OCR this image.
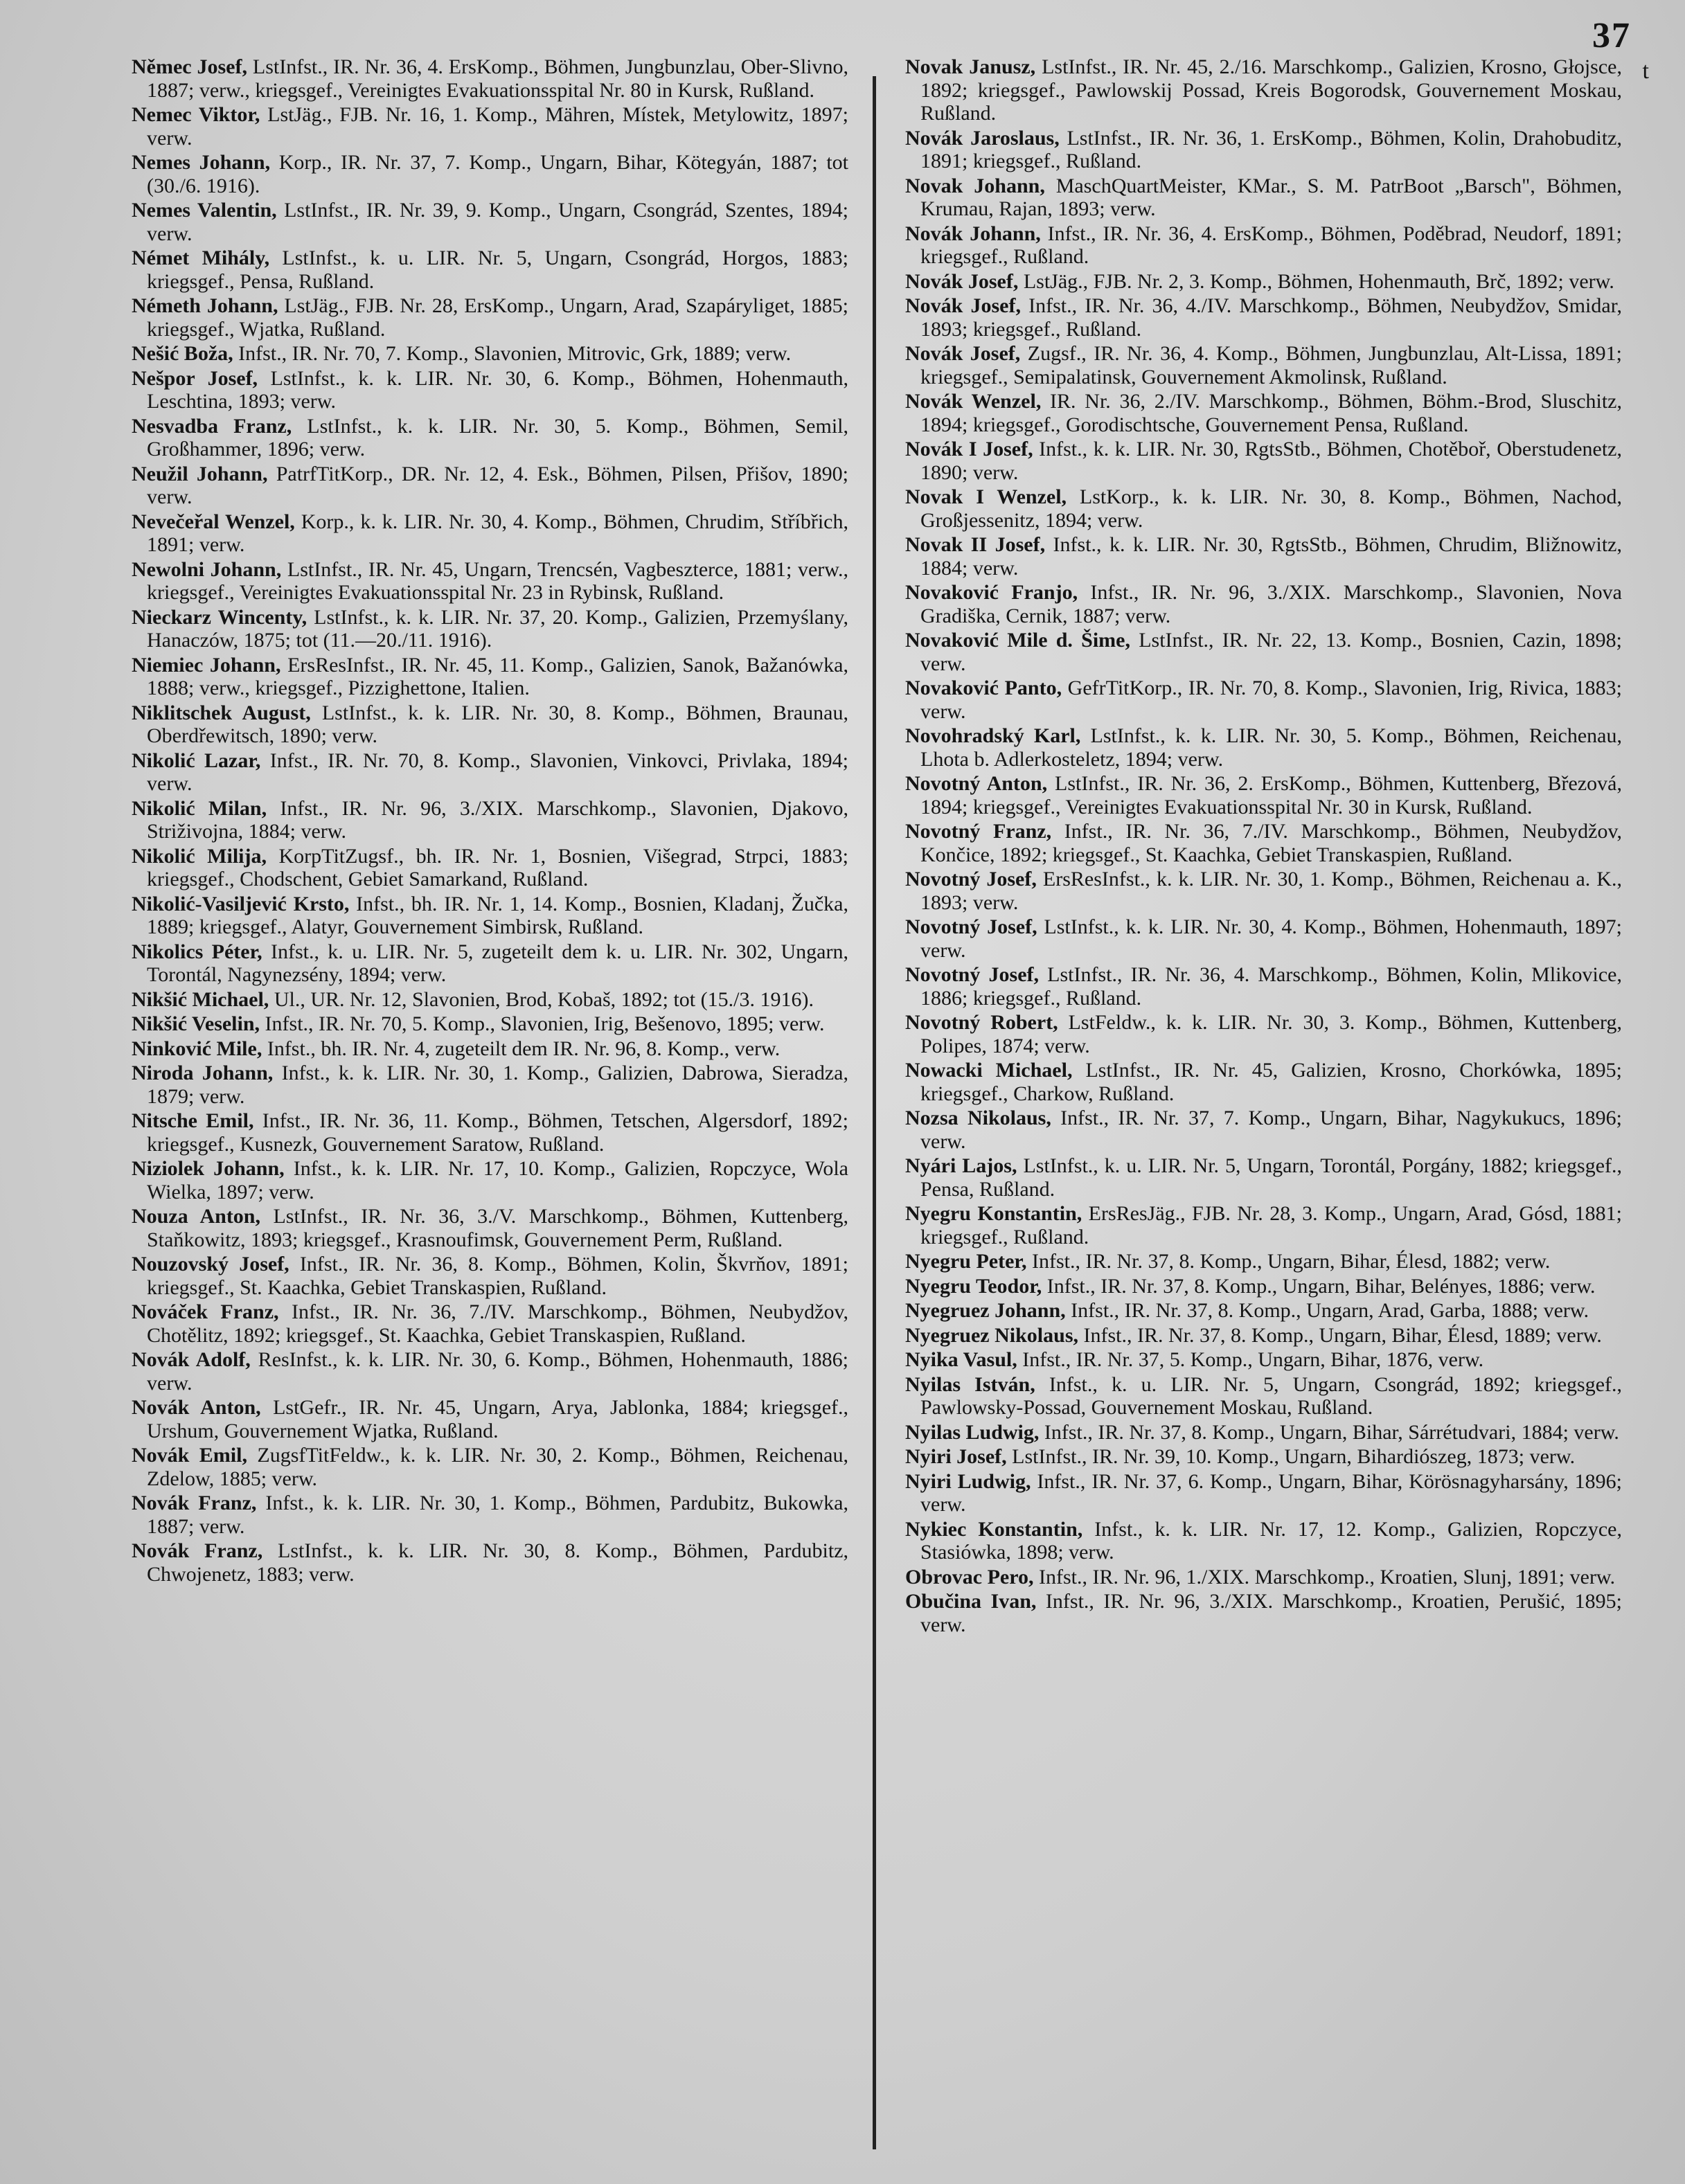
37
t

Němec Josef, LstInfst., IR. Nr. 36, 4. ErsKomp., Böhmen, Jungbunzlau, Ober-Slivno, 1887; verw., kriegsgef., Vereinigtes Evakuationsspital Nr. 80 in Kursk, Rußland.

Nemec Viktor, LstJäg., FJB. Nr. 16, 1. Komp., Mähren, Místek, Metylowitz, 1897; verw.

Nemes Johann, Korp., IR. Nr. 37, 7. Komp., Ungarn, Bihar, Kötegyán, 1887; tot (30./6. 1916).

Nemes Valentin, LstInfst., IR. Nr. 39, 9. Komp., Ungarn, Csongrád, Szentes, 1894; verw.

Német Mihály, LstInfst., k. u. LIR. Nr. 5, Ungarn, Csongrád, Horgos, 1883; kriegsgef., Pensa, Rußland.

Németh Johann, LstJäg., FJB. Nr. 28, ErsKomp., Ungarn, Arad, Szapáryliget, 1885; kriegsgef., Wjatka, Rußland.

Nešić Boža, Infst., IR. Nr. 70, 7. Komp., Slavonien, Mitrovic, Grk, 1889; verw.

Nešpor Josef, LstInfst., k. k. LIR. Nr. 30, 6. Komp., Böhmen, Hohenmauth, Leschtina, 1893; verw.

Nesvadba Franz, LstInfst., k. k. LIR. Nr. 30, 5. Komp., Böhmen, Semil, Großhammer, 1896; verw.

Neužil Johann, PatrfTitKorp., DR. Nr. 12, 4. Esk., Böhmen, Pilsen, Přišov, 1890; verw.

Nevečeřal Wenzel, Korp., k. k. LIR. Nr. 30, 4. Komp., Böhmen, Chrudim, Stříbřich, 1891; verw.

Newolni Johann, LstInfst., IR. Nr. 45, Ungarn, Trencsén, Vagbeszterce, 1881; verw., kriegsgef., Vereinigtes Evakuationsspital Nr. 23 in Rybinsk, Rußland.

Nieckarz Wincenty, LstInfst., k. k. LIR. Nr. 37, 20. Komp., Galizien, Przemyślany, Hanaczów, 1875; tot (11.—20./11. 1916).

Niemiec Johann, ErsResInfst., IR. Nr. 45, 11. Komp., Galizien, Sanok, Bažanówka, 1888; verw., kriegsgef., Pizzighettone, Italien.

Niklitschek August, LstInfst., k. k. LIR. Nr. 30, 8. Komp., Böhmen, Braunau, Oberdřewitsch, 1890; verw.

Nikolić Lazar, Infst., IR. Nr. 70, 8. Komp., Slavonien, Vinkovci, Privlaka, 1894; verw.

Nikolić Milan, Infst., IR. Nr. 96, 3./XIX. Marschkomp., Slavonien, Djakovo, Striživojna, 1884; verw.

Nikolić Milija, KorpTitZugsf., bh. IR. Nr. 1, Bosnien, Višegrad, Strpci, 1883; kriegsgef., Chodschent, Gebiet Samarkand, Rußland.

Nikolić-Vasiljević Krsto, Infst., bh. IR. Nr. 1, 14. Komp., Bosnien, Kladanj, Žučka, 1889; kriegsgef., Alatyr, Gouvernement Simbirsk, Rußland.

Nikolics Péter, Infst., k. u. LIR. Nr. 5, zugeteilt dem k. u. LIR. Nr. 302, Ungarn, Torontál, Nagynezsény, 1894; verw.

Nikšić Michael, Ul., UR. Nr. 12, Slavonien, Brod, Kobaš, 1892; tot (15./3. 1916).

Nikšić Veselin, Infst., IR. Nr. 70, 5. Komp., Slavonien, Irig, Bešenovo, 1895; verw.

Ninković Mile, Infst., bh. IR. Nr. 4, zugeteilt dem IR. Nr. 96, 8. Komp., verw.

Niroda Johann, Infst., k. k. LIR. Nr. 30, 1. Komp., Galizien, Dabrowa, Sieradza, 1879; verw.

Nitsche Emil, Infst., IR. Nr. 36, 11. Komp., Böhmen, Tetschen, Algersdorf, 1892; kriegsgef., Kusnezk, Gouvernement Saratow, Rußland.

Niziolek Johann, Infst., k. k. LIR. Nr. 17, 10. Komp., Galizien, Ropczyce, Wola Wielka, 1897; verw.

Nouza Anton, LstInfst., IR. Nr. 36, 3./V. Marschkomp., Böhmen, Kuttenberg, Staňkowitz, 1893; kriegsgef., Krasnoufimsk, Gouvernement Perm, Rußland.

Nouzovský Josef, Infst., IR. Nr. 36, 8. Komp., Böhmen, Kolin, Škvrňov, 1891; kriegsgef., St. Kaachka, Gebiet Transkaspien, Rußland.

Nováček Franz, Infst., IR. Nr. 36, 7./IV. Marschkomp., Böhmen, Neubydžov, Chotělitz, 1892; kriegsgef., St. Kaachka, Gebiet Transkaspien, Rußland.

Novák Adolf, ResInfst., k. k. LIR. Nr. 30, 6. Komp., Böhmen, Hohenmauth, 1886; verw.

Novák Anton, LstGefr., IR. Nr. 45, Ungarn, Arya, Jablonka, 1884; kriegsgef., Urshum, Gouvernement Wjatka, Rußland.

Novák Emil, ZugsfTitFeldw., k. k. LIR. Nr. 30, 2. Komp., Böhmen, Reichenau, Zdelow, 1885; verw.

Novák Franz, Infst., k. k. LIR. Nr. 30, 1. Komp., Böhmen, Pardubitz, Bukowka, 1887; verw.

Novák Franz, LstInfst., k. k. LIR. Nr. 30, 8. Komp., Böhmen, Pardubitz, Chwojenetz, 1883; verw.

Novak Janusz, LstInfst., IR. Nr. 45, 2./16. Marschkomp., Galizien, Krosno, Głojsce, 1892; kriegsgef., Pawlowskij Possad, Kreis Bogorodsk, Gouvernement Moskau, Rußland.

Novák Jaroslaus, LstInfst., IR. Nr. 36, 1. ErsKomp., Böhmen, Kolin, Drahobuditz, 1891; kriegsgef., Rußland.

Novak Johann, MaschQuartMeister, KMar., S. M. PatrBoot „Barsch", Böhmen, Krumau, Rajan, 1893; verw.

Novák Johann, Infst., IR. Nr. 36, 4. ErsKomp., Böhmen, Poděbrad, Neudorf, 1891; kriegsgef., Rußland.

Novák Josef, LstJäg., FJB. Nr. 2, 3. Komp., Böhmen, Hohenmauth, Brč, 1892; verw.

Novák Josef, Infst., IR. Nr. 36, 4./IV. Marschkomp., Böhmen, Neubydžov, Smidar, 1893; kriegsgef., Rußland.

Novák Josef, Zugsf., IR. Nr. 36, 4. Komp., Böhmen, Jungbunzlau, Alt-Lissa, 1891; kriegsgef., Semipalatinsk, Gouvernement Akmolinsk, Rußland.

Novák Wenzel, IR. Nr. 36, 2./IV. Marschkomp., Böhmen, Böhm.-Brod, Sluschitz, 1894; kriegsgef., Gorodischtsche, Gouvernement Pensa, Rußland.

Novák I Josef, Infst., k. k. LIR. Nr. 30, RgtsStb., Böhmen, Chotěboř, Oberstudenetz, 1890; verw.

Novak I Wenzel, LstKorp., k. k. LIR. Nr. 30, 8. Komp., Böhmen, Nachod, Großjessenitz, 1894; verw.

Novak II Josef, Infst., k. k. LIR. Nr. 30, RgtsStb., Böhmen, Chrudim, Bližnowitz, 1884; verw.

Novaković Franjo, Infst., IR. Nr. 96, 3./XIX. Marschkomp., Slavonien, Nova Gradiška, Cernik, 1887; verw.

Novaković Mile d. Šime, LstInfst., IR. Nr. 22, 13. Komp., Bosnien, Cazin, 1898; verw.

Novaković Panto, GefrTitKorp., IR. Nr. 70, 8. Komp., Slavonien, Irig, Rivica, 1883; verw.

Novohradský Karl, LstInfst., k. k. LIR. Nr. 30, 5. Komp., Böhmen, Reichenau, Lhota b. Adlerkosteletz, 1894; verw.

Novotný Anton, LstInfst., IR. Nr. 36, 2. ErsKomp., Böhmen, Kuttenberg, Březová, 1894; kriegsgef., Vereinigtes Evakuationsspital Nr. 30 in Kursk, Rußland.

Novotný Franz, Infst., IR. Nr. 36, 7./IV. Marschkomp., Böhmen, Neubydžov, Končice, 1892; kriegsgef., St. Kaachka, Gebiet Transkaspien, Rußland.

Novotný Josef, ErsResInfst., k. k. LIR. Nr. 30, 1. Komp., Böhmen, Reichenau a. K., 1893; verw.

Novotný Josef, LstInfst., k. k. LIR. Nr. 30, 4. Komp., Böhmen, Hohenmauth, 1897; verw.

Novotný Josef, LstInfst., IR. Nr. 36, 4. Marschkomp., Böhmen, Kolin, Mlikovice, 1886; kriegsgef., Rußland.

Novotný Robert, LstFeldw., k. k. LIR. Nr. 30, 3. Komp., Böhmen, Kuttenberg, Polipes, 1874; verw.

Nowacki Michael, LstInfst., IR. Nr. 45, Galizien, Krosno, Chorkówka, 1895; kriegsgef., Charkow, Rußland.

Nozsa Nikolaus, Infst., IR. Nr. 37, 7. Komp., Ungarn, Bihar, Nagykukucs, 1896; verw.

Nyári Lajos, LstInfst., k. u. LIR. Nr. 5, Ungarn, Torontál, Porgány, 1882; kriegsgef., Pensa, Rußland.

Nyegru Konstantin, ErsResJäg., FJB. Nr. 28, 3. Komp., Ungarn, Arad, Gósd, 1881; kriegsgef., Rußland.

Nyegru Peter, Infst., IR. Nr. 37, 8. Komp., Ungarn, Bihar, Élesd, 1882; verw.

Nyegru Teodor, Infst., IR. Nr. 37, 8. Komp., Ungarn, Bihar, Belényes, 1886; verw.

Nyegruez Johann, Infst., IR. Nr. 37, 8. Komp., Ungarn, Arad, Garba, 1888; verw.

Nyegruez Nikolaus, Infst., IR. Nr. 37, 8. Komp., Ungarn, Bihar, Élesd, 1889; verw.

Nyika Vasul, Infst., IR. Nr. 37, 5. Komp., Ungarn, Bihar, 1876, verw.

Nyilas István, Infst., k. u. LIR. Nr. 5, Ungarn, Csongrád, 1892; kriegsgef., Pawlowsky-Possad, Gouvernement Moskau, Rußland.

Nyilas Ludwig, Infst., IR. Nr. 37, 8. Komp., Ungarn, Bihar, Sárrétudvari, 1884; verw.

Nyiri Josef, LstInfst., IR. Nr. 39, 10. Komp., Ungarn, Bihardiószeg, 1873; verw.

Nyiri Ludwig, Infst., IR. Nr. 37, 6. Komp., Ungarn, Bihar, Körösnagyharsány, 1896; verw.

Nykiec Konstantin, Infst., k. k. LIR. Nr. 17, 12. Komp., Galizien, Ropczyce, Stasiówka, 1898; verw.

Obrovac Pero, Infst., IR. Nr. 96, 1./XIX. Marschkomp., Kroatien, Slunj, 1891; verw.

Obučina Ivan, Infst., IR. Nr. 96, 3./XIX. Marschkomp., Kroatien, Perušić, 1895; verw.
